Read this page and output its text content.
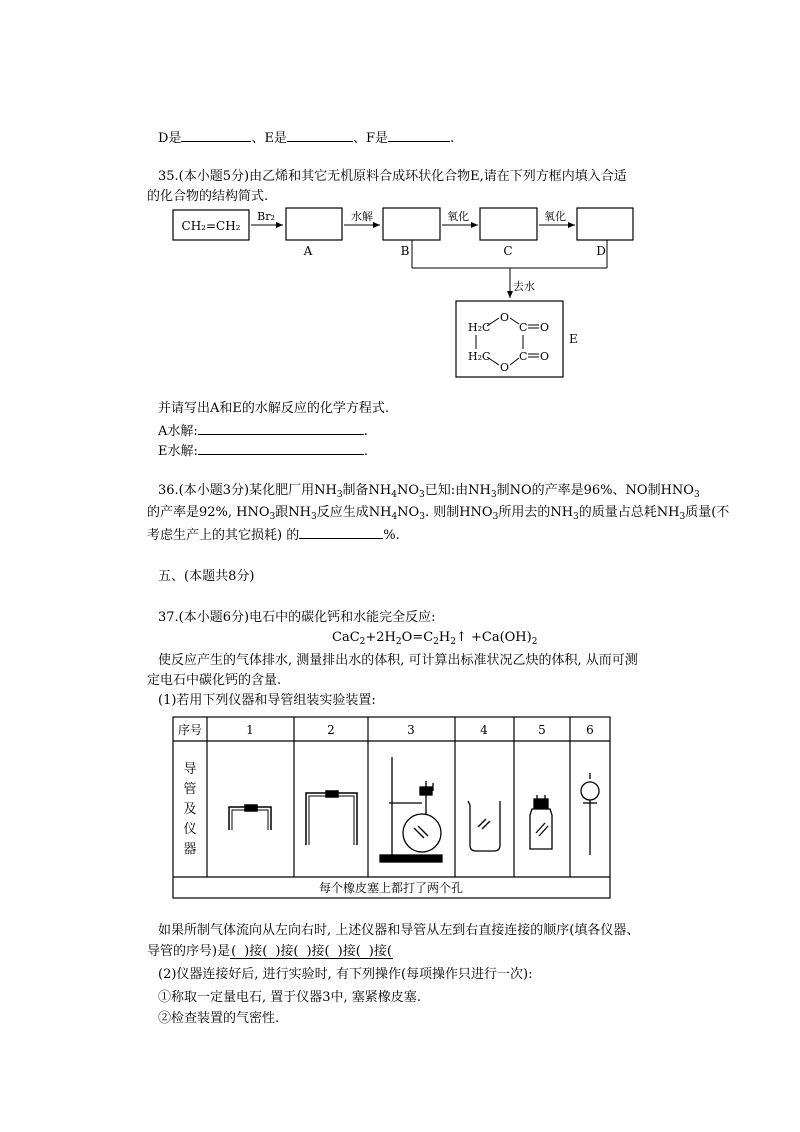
D是	、E是	、F是	.
35.(本小题5分)由乙烯和其它无机原料合成环状化合物E,请在下列方框内填入合适
的化合物的结构简式.
CH₂=CH₂
Br₂
A
水解
B
氧化
C
氧化
D
去水
H₂C
H₂C
O
O
C
C
O
O
E
并请写出A和E的水解反应的化学方程式.
A水解:	.
E水解:	.
36.(本小题3分)某化肥厂用$NH_3$制备$NH_4NO_3$已知:由$NH_3$制NO的产率是96%、NO制$HNO_3$
的产率是92%, $HNO_3$跟$NH_3$反应生成$NH_4NO_3$. 则制$HNO_3$所用去的$NH_3$的质量占总耗$NH_3$质量(不
考虑生产上的其它损耗) 的	%.
五、(本题共8分)
37.(本小题6分)电石中的碳化钙和水能完全反应:
$CaC_2+2H_2O=C_2H_2↑ +Ca(OH)_2$
使反应产生的气体排水, 测量排出水的体积, 可计算出标准状况乙炔的体积, 从而可测
定电石中碳化钙的含量.
(1)若用下列仪器和导管组装实验装置:
序号	1	2	3	4	5	6
导
管
及
仪
器
每个橡皮塞上都打了两个孔
如果所制气体流向从左向右时, 上述仪器和导管从左到右直接连接的顺序(填各仪器、
导管的序号)是( )接( )接( )接( )接( )接(
(2)仪器连接好后, 进行实验时, 有下列操作(每项操作只进行一次):
①称取一定量电石, 置于仪器3中, 塞紧橡皮塞.
②检查装置的气密性.
